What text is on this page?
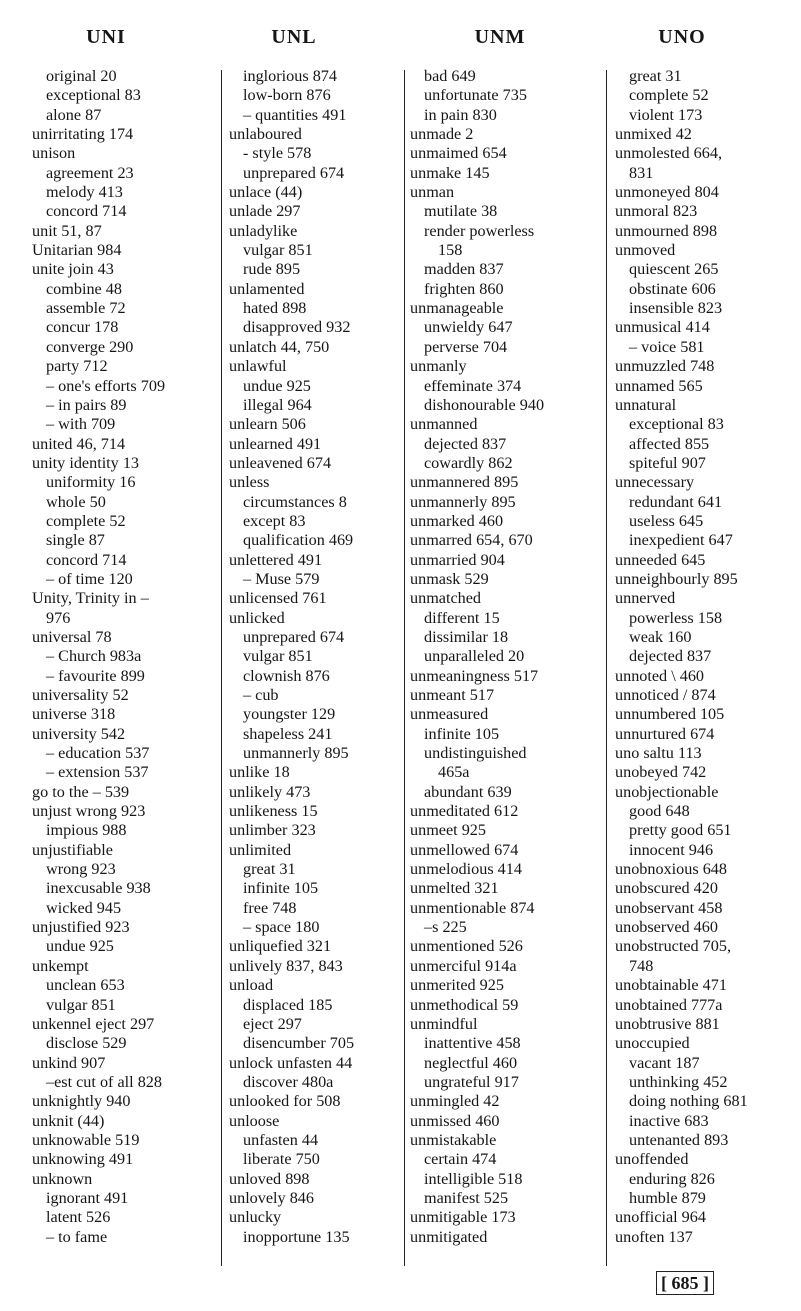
UNI	UNL	UNM	UNO
original 20
exceptional 83
alone 87
unirritating 174
unison
agreement 23
melody 413
concord 714
unit 51, 87
Unitarian 984
unite join 43
combine 48
assemble 72
concur 178
converge 290
party 712
– one's efforts 709
– in pairs 89
– with 709
united 46, 714
unity identity 13
uniformity 16
whole 50
complete 52
single 87
concord 714
– of time 120
Unity, Trinity in –
976
universal 78
– Church 983a
– favourite 899
universality 52
universe 318
university 542
– education 537
– extension 537
go to the – 539
unjust wrong 923
impious 988
unjustifiable
wrong 923
inexcusable 938
wicked 945
unjustified 923
undue 925
unkempt
unclean 653
vulgar 851
unkennel eject 297
disclose 529
unkind 907
–est cut of all 828
unknightly 940
unknit (44)
unknowable 519
unknowing 491
unknown
ignorant 491
latent 526
– to fame
inglorious 874
low-born 876
– quantities 491
unlaboured
- style 578
unprepared 674
unlace (44)
unlade 297
unladylike
vulgar 851
rude 895
unlamented
hated 898
disapproved 932
unlatch 44, 750
unlawful
undue 925
illegal 964
unlearn 506
unlearned 491
unleavened 674
unless
circumstances 8
except 83
qualification 469
unlettered 491
– Muse 579
unlicensed 761
unlicked
unprepared 674
vulgar 851
clownish 876
– cub
youngster 129
shapeless 241
unmannerly 895
unlike 18
unlikely 473
unlikeness 15
unlimber 323
unlimited
great 31
infinite 105
free 748
– space 180
unliquefied 321
unlively 837, 843
unload
displaced 185
eject 297
disencumber 705
unlock unfasten 44
discover 480a
unlooked for 508
unloose
unfasten 44
liberate 750
unloved 898
unlovely 846
unlucky
inopportune 135
bad 649
unfortunate 735
in pain 830
unmade 2
unmaimed 654
unmake 145
unman
mutilate 38
render powerless
158
madden 837
frighten 860
unmanageable
unwieldy 647
perverse 704
unmanly
effeminate 374
dishonourable 940
unmanned
dejected 837
cowardly 862
unmannered 895
unmannerly 895
unmarked 460
unmarred 654, 670
unmarried 904
unmask 529
unmatched
different 15
dissimilar 18
unparalleled 20
unmeaningness 517
unmeant 517
unmeasured
infinite 105
undistinguished
465a
abundant 639
unmeditated 612
unmeet 925
unmellowed 674
unmelodious 414
unmelted 321
unmentionable 874
–s 225
unmentioned 526
unmerciful 914a
unmerited 925
unmethodical 59
unmindful
inattentive 458
neglectful 460
ungrateful 917
unmingled 42
unmissed 460
unmistakable
certain 474
intelligible 518
manifest 525
unmitigable 173
unmitigated
great 31
complete 52
violent 173
unmixed 42
unmolested 664,
831
unmoneyed 804
unmoral 823
unmourned 898
unmoved
quiescent 265
obstinate 606
insensible 823
unmusical 414
– voice 581
unmuzzled 748
unnamed 565
unnatural
exceptional 83
affected 855
spiteful 907
unnecessary
redundant 641
useless 645
inexpedient 647
unneeded 645
unneighbourly 895
unnerved
powerless 158
weak 160
dejected 837
unnoted \ 460
unnoticed / 874
unnumbered 105
unnurtured 674
uno saltu 113
unobeyed 742
unobjectionable
good 648
pretty good 651
innocent 946
unobnoxious 648
unobscured 420
unobservant 458
unobserved 460
unobstructed 705,
748
unobtainable 471
unobtained 777a
unobtrusive 881
unoccupied
vacant 187
unthinking 452
doing nothing 681
inactive 683
untenanted 893
unoffended
enduring 826
humble 879
unofficial 964
unoften 137
[ 685 ]
